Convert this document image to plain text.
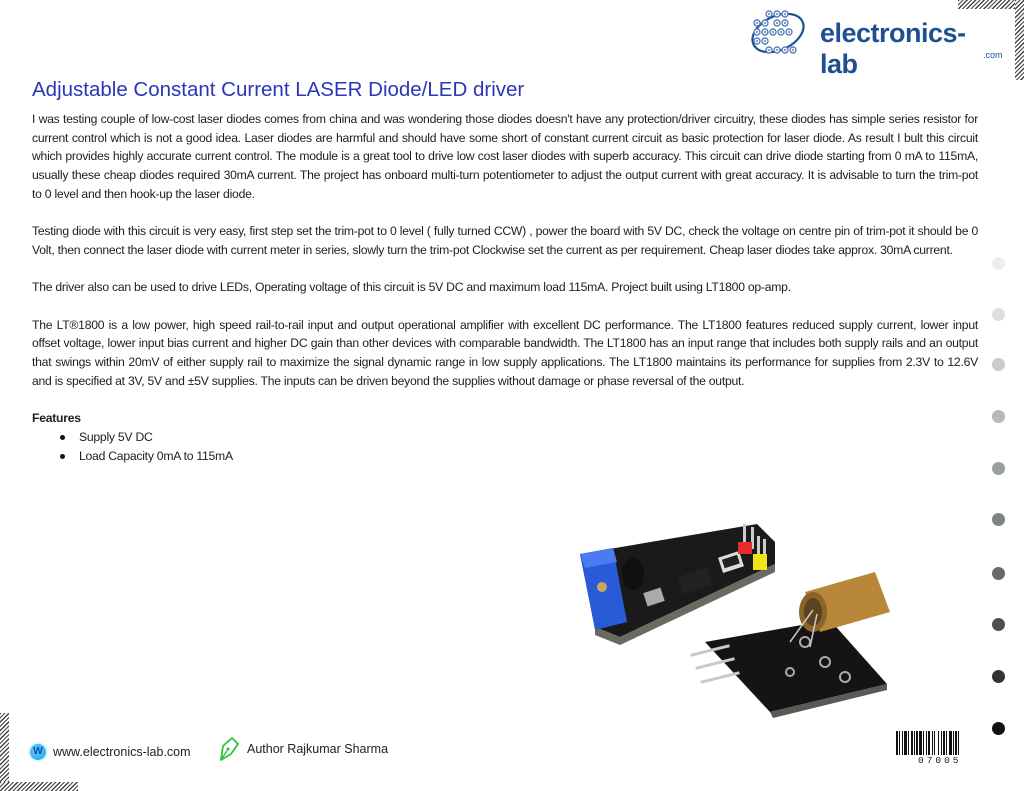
electronics-lab	.com
Adjustable Constant Current LASER Diode/LED driver

I was testing couple of low-cost laser diodes comes from china and was wondering those diodes doesn't have any protection/driver circuitry, these diodes has simple series resistor for current control which is not a good idea. Laser diodes are harmful and should have some short of constant current circuit as basic protection for laser diode. As result I bult this circuit which provides highly accurate current control. The module is a great tool to drive low cost laser diodes with superb accuracy. This circuit can drive diode starting from 0 mA to 115mA, usually these cheap diodes required 30mA current. The project has onboard multi-turn potentiometer to adjust the output current with great accuracy. It is advisable to turn the trim-pot to 0 level and then hook-up the laser diode.

Testing diode with this circuit is very easy, first step set the trim-pot to 0 level ( fully turned CCW) , power the board with 5V DC, check the voltage on centre pin of trim-pot it should be 0 Volt, then connect the laser diode with current meter in series, slowly turn the trim-pot Clockwise set the current as per requirement. Cheap laser diodes take approx. 30mA current.

The driver also can be used to drive LEDs, Operating voltage of this circuit is 5V DC and maximum load 115mA. Project built using LT1800 op-amp.

The LT®1800 is a low power, high speed rail-to-rail input and output operational amplifier with excellent DC performance. The LT1800 features reduced supply current, lower input offset voltage, lower input bias current and higher DC gain than other devices with comparable bandwidth. The LT1800 has an input range that includes both supply rails and an output that swings within 20mV of either supply rail to maximize the signal dynamic range in low supply applications. The LT1800 maintains its performance for supplies from 2.3V to 12.6V and is specified at 3V, 5V and ±5V supplies. The inputs can be driven beyond the supplies without damage or phase reversal of the output.

Features
Supply 5V DC
Load Capacity 0mA to 115mA
W www.electronics-lab.com	Author Rajkumar Sharma
07005
